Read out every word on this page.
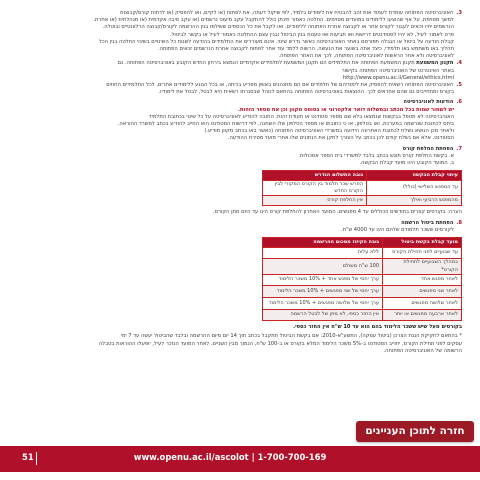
3.האוניברסיטה הפתוחה עומדת לעמוד אות זהב להבטיח את לימודים בלמיד, לפי שיקול דעתה, את לפתוח (או לקיים, ואו להפסיק (או לדחות קורס/קבוצות

למשך מסוימת, על אף שהוצעו ללימודים במועדים מסוימים. החלטה כאמור תינתן כולל להתקבל עקב מיעוט נרשמים (או עקב סיבה אקדמית (או מנהלתית (או אחרת.

הנרשמים יחיו זכאים לעבור לקורס אחר או לקבוצה אחרת הפתוחה ללימודים, ואו לקבל את כל הכספים ששילמו בגין ההרשמה לקורס/קבוצה הרלוונטיים ובוטלה.

פרט לאמור לעיל, לא יהיו לסטודנטים דרישות ואו תביעות ואו טענות בגין הביטול ובגין עצם ההחלטה כאמור לעיל או בקשר לביטול.

קבלת הודעה על ביטול או הגבלה תפורסם באתר האוניברסיטה כאשר נדרש שינוי. אינם מעוררים את התלמידים בהודעה לשנות כל השינויים בשינוי החלטה בגין הכל

תהליך באו משתמש באו תלמידי, כיצד אתה בשוער את הנעשה, הרשות ללמד עוד אחר לפתוח לקבוצה אחרת הנרשמים זכאים הפתוחה.

לאוניברסיטה ולא אחר הראשות לאוניברסיטה הפתוחה, לכך את האחר הפתוחה.

4.תקנון המשמעת תקנון המשמעת הפתוחה את התלמידים הם תקנון המשמעת לתלמידים אקדמיים הנמצא בירחון החדש הקובע באוניברסיטה הפתוחה. גם

באתר האינטרנט של האוניברסיטה הפתוחה בקישור

http://www.openu.ac.il/General/ethics.html

5.האוניברסיטה הפתוחה רשאית להפסיק את לימודיהם של תלמידים אם הם מתנהגים באופן מפריע בכיתה, או בכל הנוגע ללימודים אחרים, לכל התלמידים החוזים

בקורס ומתחייבים גם שהם אחראים לכך. ההוצאות באוניברסיטה הפתוחה בהתאם לנוהל שבסגרתו רשאית היא לבטל, לבטל את לימודיו.

6.הודעות לאוניברסיטה

יש לשמור שמות בכל מכתב ובמשלוח דואר אלקטרוני או בטופס מקוון וכן את מספר הזהות.

האוניברסיטה לא תטפל בבקשות שנמצאו בלא שם מספר סטודנט או תעודת זהות. החובה להודיע לאוניברסיטה על כל שינוי בכתובת התלמיד

ביחס לכתובת שנרשמה במערכת, ואו בטלפון, או כי כתובתו או מספר הטלפון שלו השתנה, לפי דרישות הסטודנט הוא החייב להודיע בכתב למשרד ההוראה.

ולאחר מכן הנושא נשלח לכתובת האחרונה הידועה במשרדי האוניברסיטה הפתוחה (כאשר באו בכתב מקוון מודיע.)

הסטודנט, אלא אם נשלח קודם לכן בכתב על הצורך לתקן את הנתונים שלו אחרי מועד מסירת ההודעה.

7.הפחתת החלפת קורס

א. בקשת החלפת קורס תוגש בכתב בלבד למשרדי בית הספר אסכולות.

ב. המועד הקובע הינו מועד קבלת הבקשה.

עיתוי קבלת הבקשה	גובה התשלום הנדרש
עד המפגש השלישי (כולל)	הפרש שכר תלמוד בין הקורס המקורי לבין הקורס החדש
מהמפגש הרביעי ואילך	אין החלפת קורס

הערה: בקורסים קצרים בחודשים הכוללים עד 4 מפגשים, המועד האחרון להחלפת קורס הינו עד היום מתן הקורס.

8.הפחתת ביטול הרשמה

לקורסים ששכר תלמודם שלהם הינו עד 4000 ש"ח.

מועד קבלת בקשת ביטול	גובה הקיזוז מסכום ההרשמה
עד שבועיים לפני תחילת הקורס	ללא עלות
במהלך השבועיים לתחילת הקורס*	100 ש"ח משולם
לאחר מפגש אחד	ערך יחסי של מפגש אחד + 10% משכר הלימוד
לאחר שני מפגשים	ערך יחסי של שני מפגשים + 10% משכר הלימוד
לאחר שלושה מפגשים	ערך יחסי של שלושה מפגשים + 10% משכר הלימוד
לאחר ארבעה מפגשים או יותר	אין החזר כספי, לא מתן של לבטל הרשמה

בקורסים מעל שיש ששכר הלימוד בהם הוא עד 10 ש"ח אין החזר כספי.

* בהתאם לחקיקת הגנת הצרכן (ביטול עסקה), התשע"א-2010: אם בקשת הביטול תתקבל בכתב תוך 14 יום מיום ההרשמה ובלבד שהביטול יעשה עד 7 ימי

עסקים לפני תחילת הקורס, יחוייב הסטודנט ב-5% משכר הלימוד המלא בקורס או ב-100 ש"ח, הנמוך מבין השניים. לאחר המועד הנזכר לעיל, יופעלו ההוראות בטבלה

הרשומה של האוניברסיטה הפתוחה.

חזרה לתוכן העניינים
51	www.openu.ac.il/ascolot | 1-700-700-169
